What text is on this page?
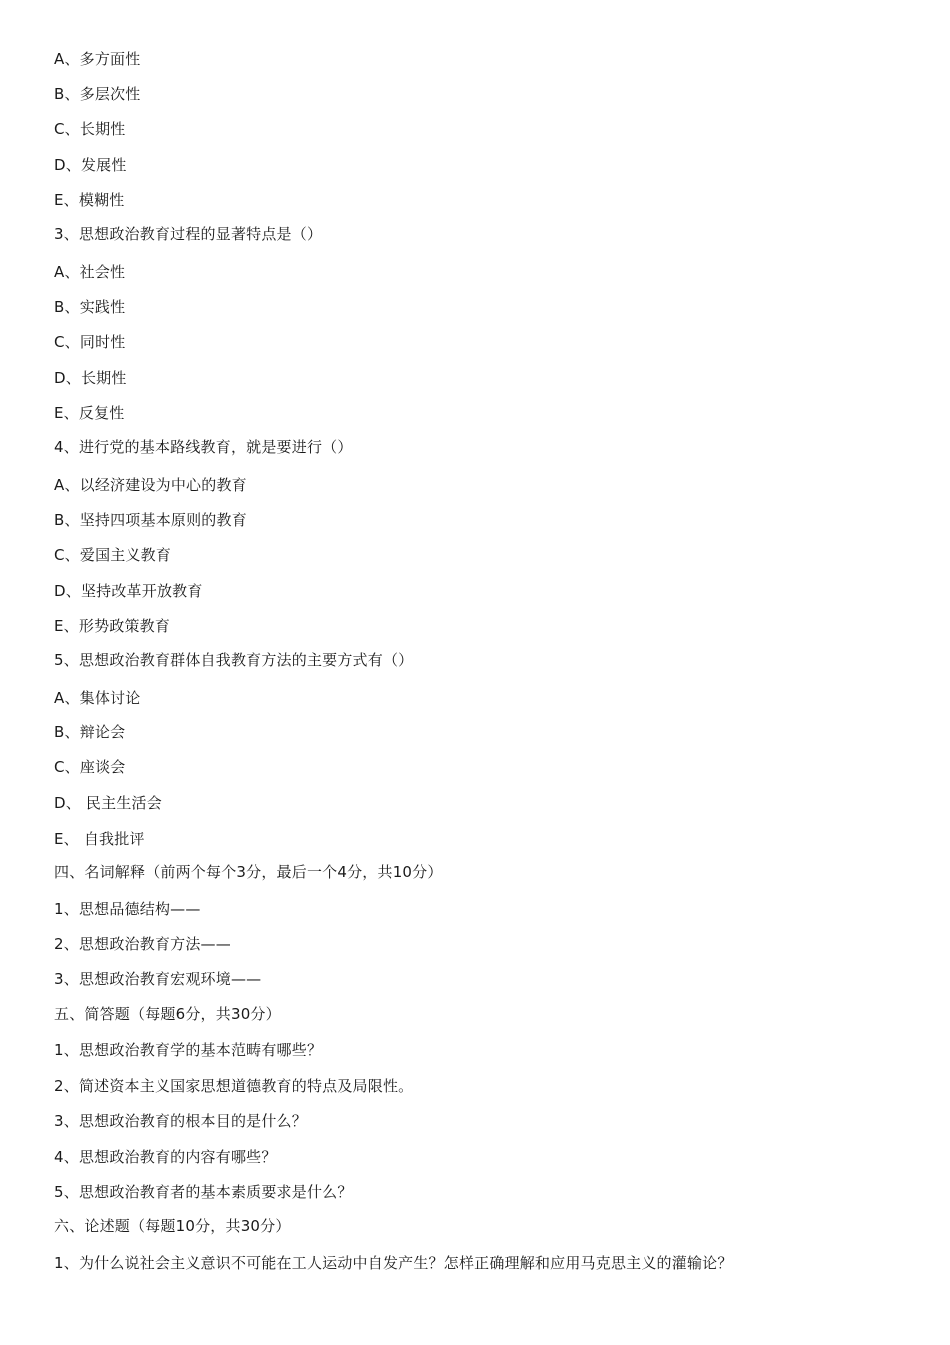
A、多方面性
B、多层次性
C、长期性
D、发展性
E、模糊性
3、思想政治教育过程的显著特点是（）
A、社会性
B、实践性
C、同时性
D、长期性
E、反复性
4、进行党的基本路线教育，就是要进行（）
A、以经济建设为中心的教育
B、坚持四项基本原则的教育
C、爱国主义教育
D、坚持改革开放教育
E、形势政策教育
5、思想政治教育群体自我教育方法的主要方式有（）
A、集体讨论
B、辩论会
C、座谈会
D、 民主生活会
E、 自我批评
四、名词解释（前两个每个3分，最后一个4分，共10分）
1、思想品德结构——
2、思想政治教育方法——
3、思想政治教育宏观环境——
五、简答题（每题6分，共30分）
1、思想政治教育学的基本范畴有哪些？
2、简述资本主义国家思想道德教育的特点及局限性。
3、思想政治教育的根本目的是什么？
4、思想政治教育的内容有哪些？
5、思想政治教育者的基本素质要求是什么？
六、论述题（每题10分，共30分）
1、为什么说社会主义意识不可能在工人运动中自发产生？怎样正确理解和应用马克思主义的灌输论？
